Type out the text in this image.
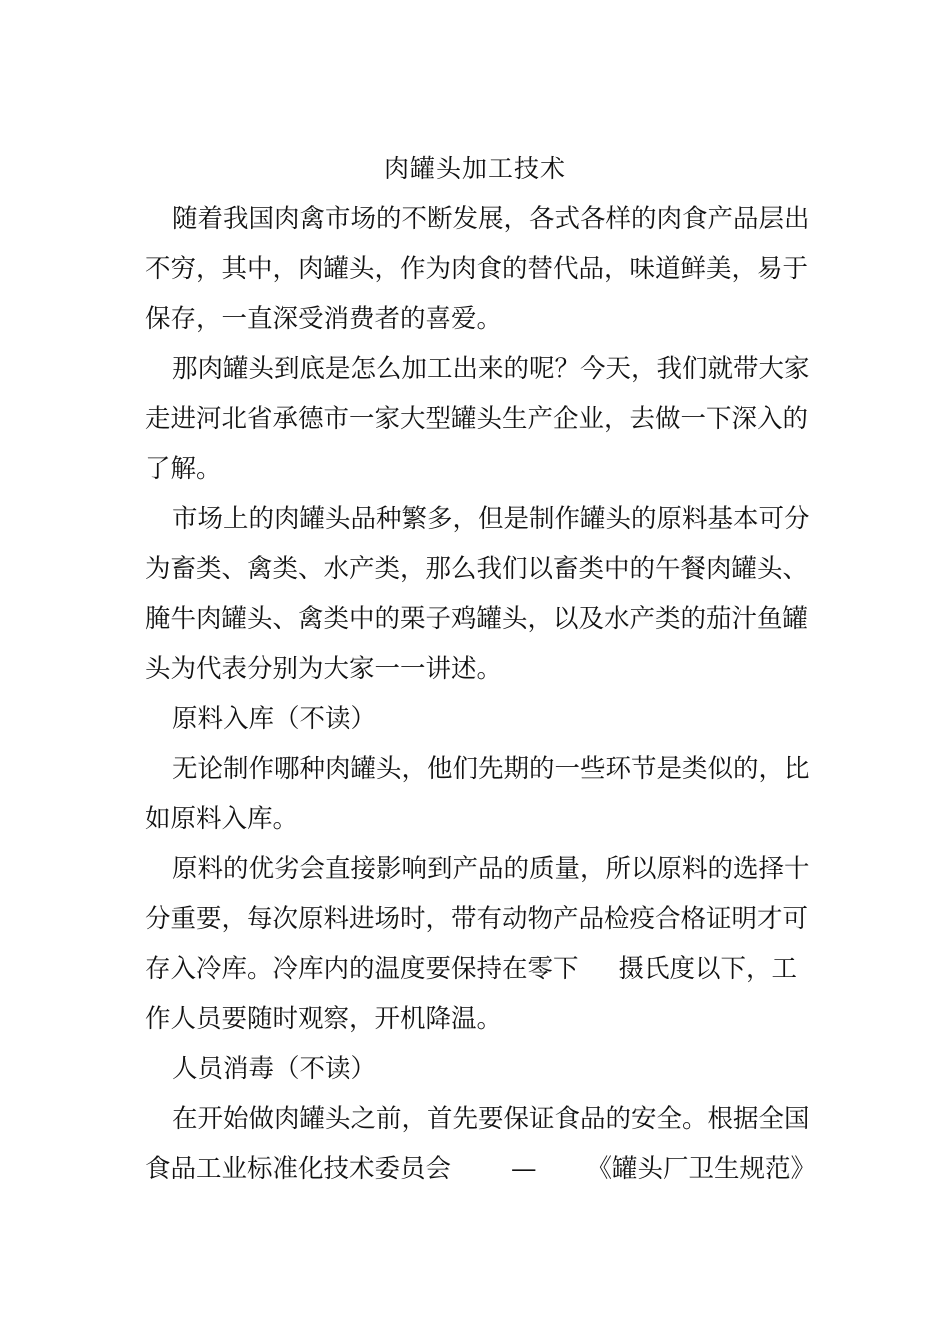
肉罐头加工技术
随着我国肉禽市场的不断发展，各式各样的肉食产品层出
不穷，其中，肉罐头，作为肉食的替代品，味道鲜美，易于
保存，一直深受消费者的喜爱。
那肉罐头到底是怎么加工出来的呢？今天，我们就带大家
走进河北省承德市一家大型罐头生产企业，去做一下深入的
了解。
市场上的肉罐头品种繁多，但是制作罐头的原料基本可分
为畜类、禽类、水产类，那么我们以畜类中的午餐肉罐头、
腌牛肉罐头、禽类中的栗子鸡罐头，以及水产类的茄汁鱼罐
头为代表分别为大家一一讲述。
原料入库（不读）
无论制作哪种肉罐头，他们先期的一些环节是类似的，比
如原料入库。
原料的优劣会直接影响到产品的质量，所以原料的选择十
分重要，每次原料进场时，带有动物产品检疫合格证明才可
存入冷库。冷库内的温度要保持在零下 摄氏度以下，工
作人员要随时观察，开机降温。
人员消毒（不读）
在开始做肉罐头之前，首先要保证食品的安全。根据全国
食品工业标准化技术委员会 — 《罐头厂卫生规范》
